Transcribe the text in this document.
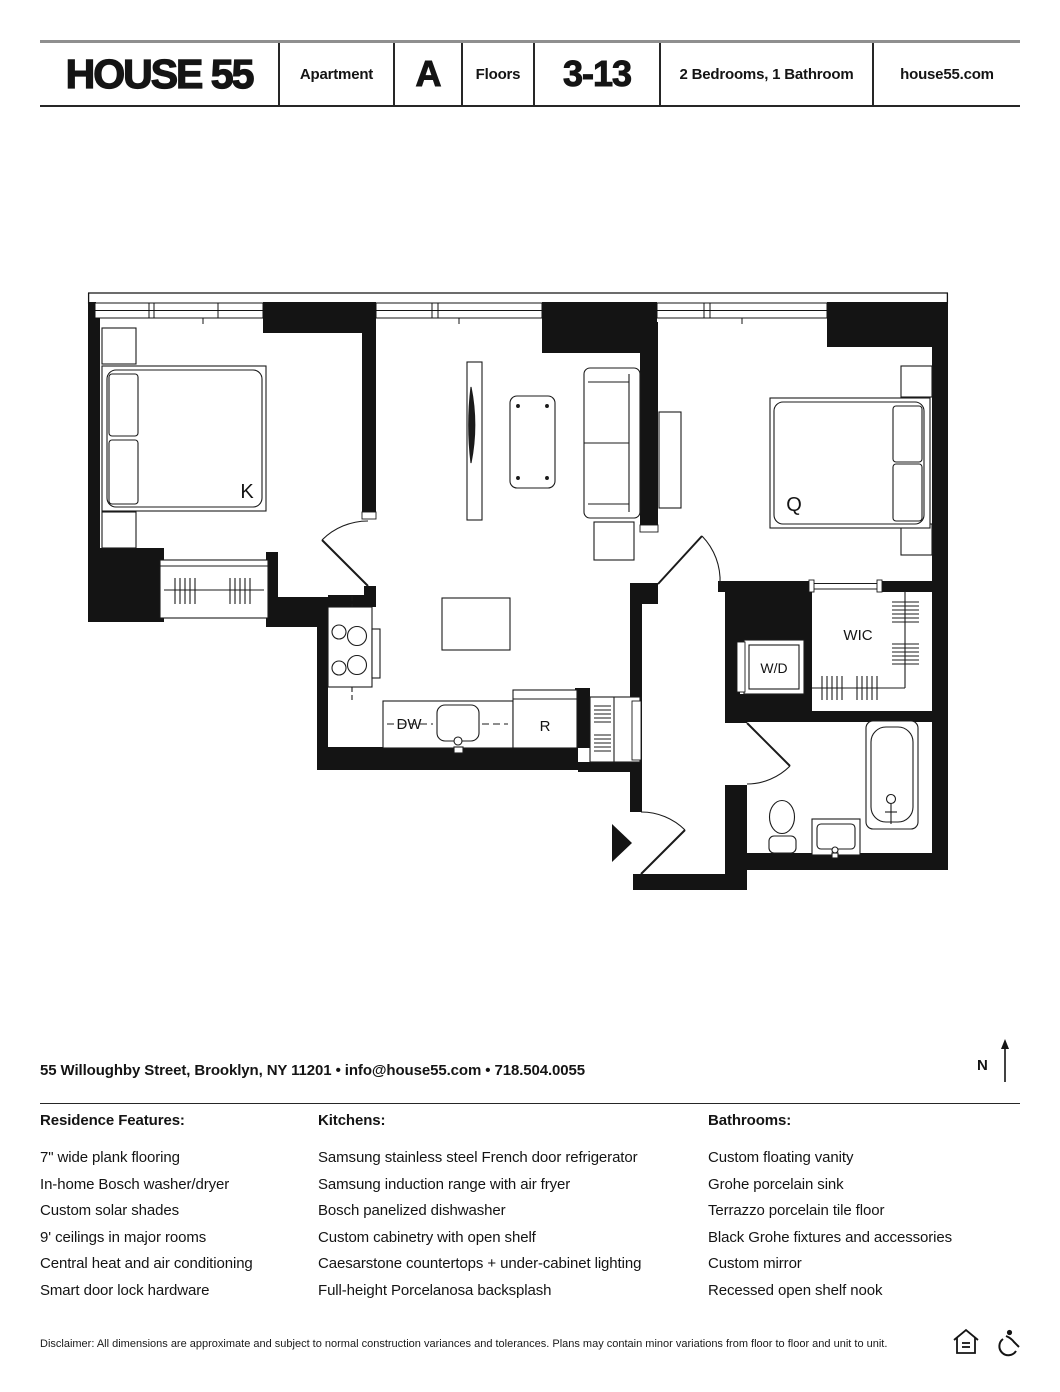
HOUSE 55	Apartment	A	Floors	3-13	2 Bedrooms, 1 Bathroom	house55.com
K
DW	R
Q
WIC
W/D
N
55 Willoughby Street, Brooklyn, NY 11201 • info@house55.com • 718.504.0055
Residence Features:
7" wide plank flooring
In-home Bosch washer/dryer
Custom solar shades
9' ceilings in major rooms
Central heat and air conditioning
Smart door lock hardware
Kitchens:
Samsung stainless steel French door refrigerator
Samsung induction range with air fryer
Bosch panelized dishwasher
Custom cabinetry with open shelf
Caesarstone countertops + under-cabinet lighting
Full-height Porcelanosa backsplash
Bathrooms:
Custom floating vanity
Grohe porcelain sink
Terrazzo porcelain tile floor
Black Grohe fixtures and accessories
Custom mirror
Recessed open shelf nook
Disclaimer: All dimensions are approximate and subject to normal construction variances and tolerances. Plans may contain minor variations from floor to floor and unit to unit.
